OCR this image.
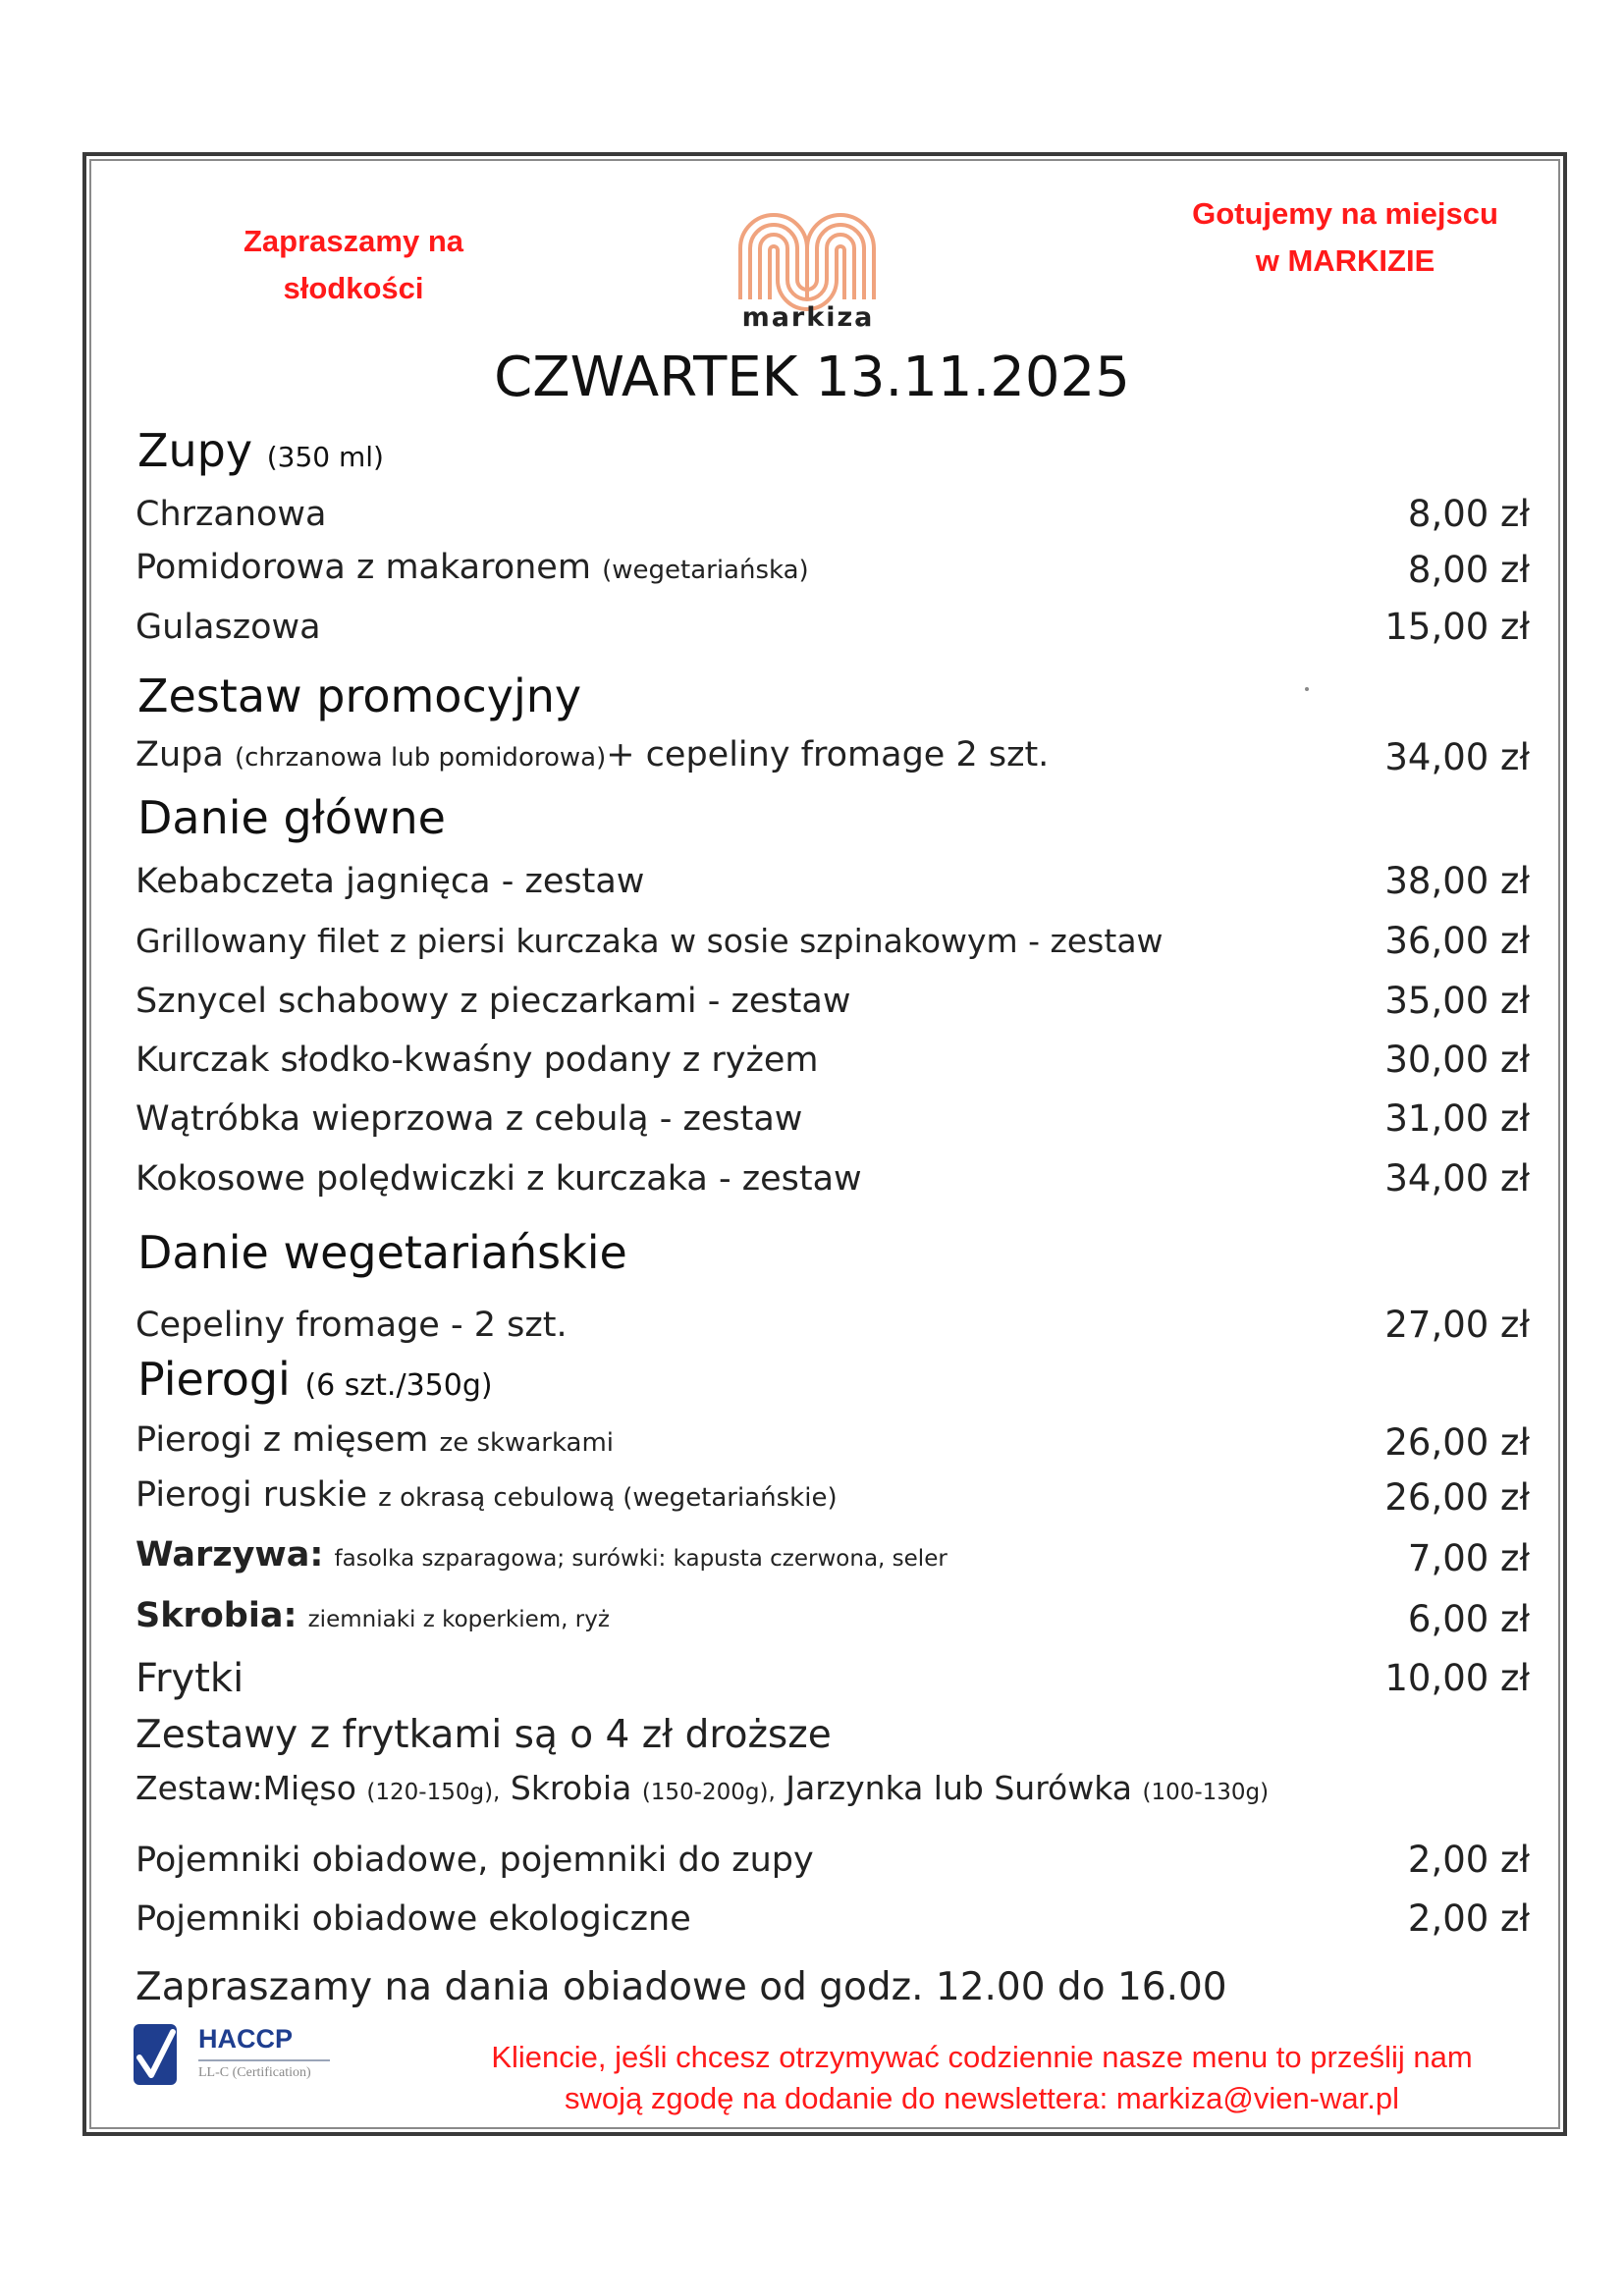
Zapraszamy na
słodkości
Gotujemy na miejscu
w MARKIZIE
markiza
CZWARTEK 13.11.2025
Zupy (350 ml)
Chrzanowa	8,00 zł
Pomidorowa z makaronem (wegetariańska)	8,00 zł
Gulaszowa	15,00 zł
Zestaw promocyjny
Zupa (chrzanowa lub pomidorowa)+ cepeliny fromage 2 szt.	34,00 zł
Danie główne
Kebabczeta jagnięca - zestaw	38,00 zł
Grillowany filet z piersi kurczaka w sosie szpinakowym - zestaw	36,00 zł
Sznycel schabowy z pieczarkami - zestaw	35,00 zł
Kurczak słodko-kwaśny podany z ryżem	30,00 zł
Wątróbka wieprzowa z cebulą - zestaw	31,00 zł
Kokosowe polędwiczki z kurczaka - zestaw	34,00 zł
Danie wegetariańskie
Cepeliny fromage - 2 szt.	27,00 zł
Pierogi (6 szt./350g)
Pierogi z mięsem ze skwarkami	26,00 zł
Pierogi ruskie z okrasą cebulową (wegetariańskie)	26,00 zł
Warzywa: fasolka szparagowa; surówki: kapusta czerwona, seler	7,00 zł
Skrobia: ziemniaki z koperkiem, ryż	6,00 zł
Frytki	10,00 zł
Zestawy z frytkami są o 4 zł droższe
Zestaw:Mięso (120-150g), Skrobia (150-200g), Jarzynka lub Surówka (100-130g)
Pojemniki obiadowe, pojemniki do zupy	2,00 zł
Pojemniki obiadowe ekologiczne	2,00 zł
Zapraszamy na dania obiadowe od godz. 12.00 do 16.00
HACCP
LL-C (Certification)	Kliencie, jeśli chcesz otrzymywać codziennie nasze menu to prześlij nam
swoją zgodę na dodanie do newslettera: markiza@vien-war.pl
